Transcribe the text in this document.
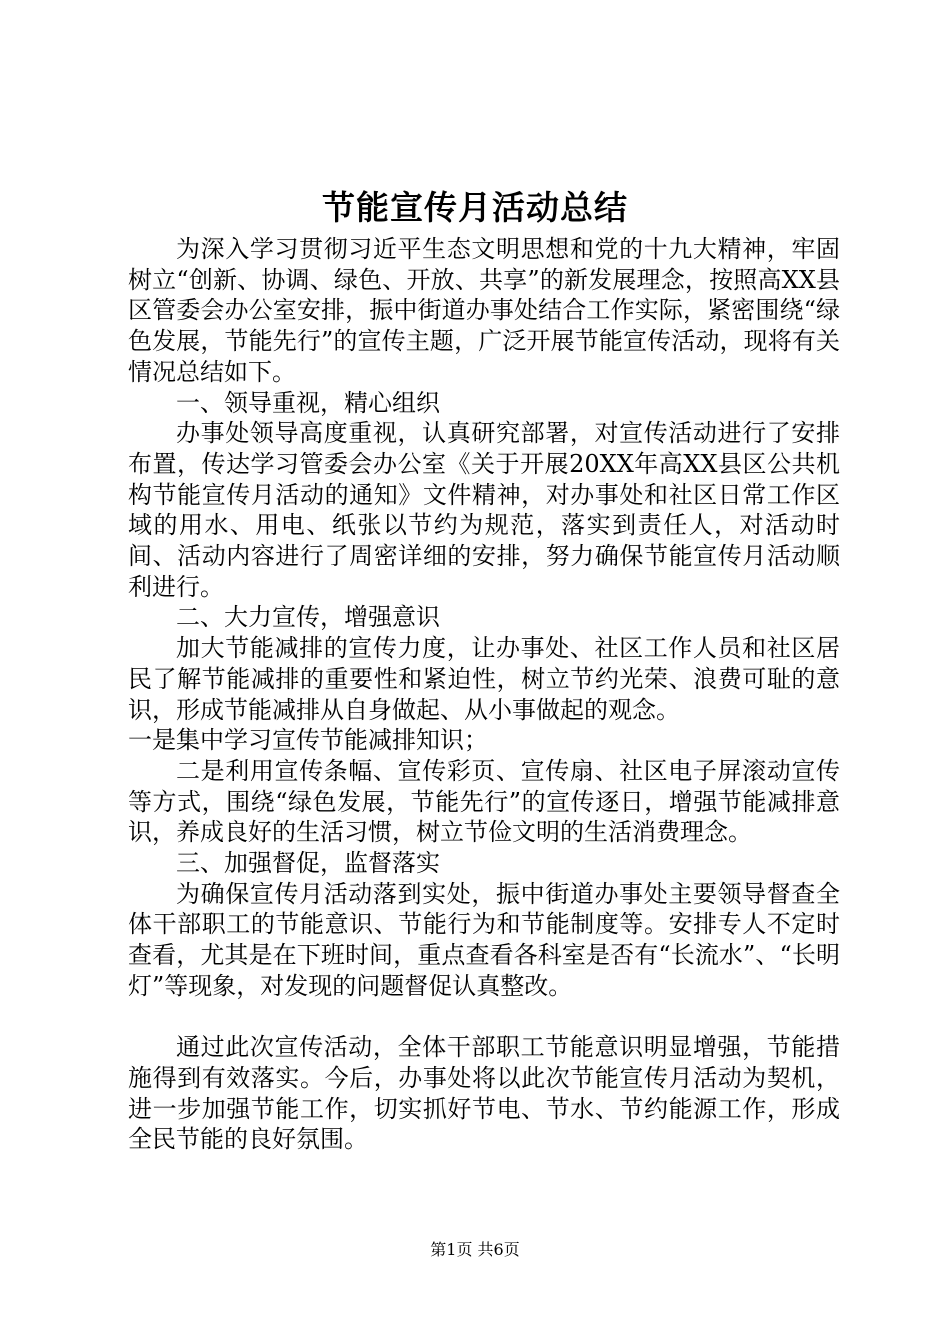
节能宣传月活动总结

为深入学习贯彻习近平生态文明思想和党的十九大精神，牢固树立“创新、协调、绿色、开放、共享”的新发展理念，按照高XX县区管委会办公室安排，振中街道办事处结合工作实际，紧密围绕“绿色发展，节能先行”的宣传主题，广泛开展节能宣传活动，现将有关情况总结如下。

一、领导重视，精心组织

办事处领导高度重视，认真研究部署，对宣传活动进行了安排布置，传达学习管委会办公室《关于开展20XX年高XX县区公共机构节能宣传月活动的通知》文件精神，对办事处和社区日常工作区域的用水、用电、纸张以节约为规范，落实到责任人，对活动时间、活动内容进行了周密详细的安排，努力确保节能宣传月活动顺利进行。

二、大力宣传，增强意识

加大节能减排的宣传力度，让办事处、社区工作人员和社区居民了解节能减排的重要性和紧迫性，树立节约光荣、浪费可耻的意识，形成节能减排从自身做起、从小事做起的观念。

一是集中学习宣传节能减排知识；

二是利用宣传条幅、宣传彩页、宣传扇、社区电子屏滚动宣传等方式，围绕“绿色发展，节能先行”的宣传逐日，增强节能减排意识，养成良好的生活习惯，树立节俭文明的生活消费理念。

三、加强督促，监督落实

为确保宣传月活动落到实处，振中街道办事处主要领导督查全体干部职工的节能意识、节能行为和节能制度等。安排专人不定时查看，尤其是在下班时间，重点查看各科室是否有“长流水”、“长明灯”等现象，对发现的问题督促认真整改。

通过此次宣传活动，全体干部职工节能意识明显增强，节能措施得到有效落实。今后，办事处将以此次节能宣传月活动为契机，进一步加强节能工作，切实抓好节电、节水、节约能源工作，形成全民节能的良好氛围。

第1页 共6页
